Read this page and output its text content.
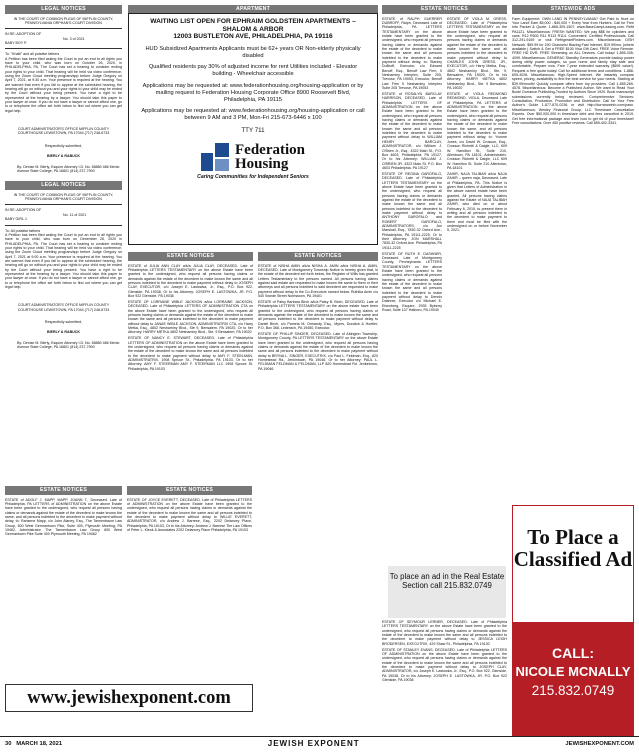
LEGAL NOTICES

IN THE COURT OF COMMON PLEAS OF MIFFLIN COUNTY, PENNSYLVANIA ORPHAN'S COURT DIVISION

IN RE: ADOPTION OF

No. 3 of 2021

BABY BOY P.

To: "Khalil" and all putative fathers

A Petition has been filed asking the Court to put an end to all rights you have to your child, who was born on October 26, 2020, in PHILADELPHIA, PA. The Court has set a hearing to consider ending your rights to your child. That hearing will be held via video conference, using the Zoom Cloud meeting program/app before Judge Gregory on April 7, 2021, at 9:30 a.m. Your presence is required at the hearing. You are warned that even if you fail to appear at the scheduled hearing, the hearing will go on without you and your rights to your child may be ended by the Court without your being present. You have a right to be represented at the hearing by a lawyer. You should take this paper to your lawyer at once. If you do not have a lawyer or cannot afford one, go to or telephone the office set forth below to find out where you can get legal help.

COURT ADMINISTRATOR'S OFFICE MIFFLIN COUNTY COURTHOUSE LEWISTOWN, PA 17044 (717) 248-6733

Respectfully submitted,

BIERLY & RABUCK

By: Denise M. Bierly, Esquire Attorney I.D. No. 58880 486 Menlo Avenue State College, PA 16801 (814) 237-7900

LEGAL NOTICES

IN THE COURT OF COMMON PLEAS OF MIFFLIN COUNTY, PENNSYLVANIA ORPHAN'S COURT DIVISION

IN RE: ADOPTION OF

No. 11 of 2021

BABY GIRL J.

To: All putative fathers

A Petition has been filed asking the Court to put an end to all rights you have to your child, who was born on December 26, 2020 in PHILADELPHIA, PA. The Court has set a hearing to consider ending your rights to your child. That hearing will be held via video conference, using the Zoom Cloud meeting program/app before Judge Gregory on April 7, 2021 at 9:00 a.m. Your presence is required at the hearing. You are warned that even if you fail to appear at the scheduled hearing, the hearing will go on without you and your rights to your child may be ended by the Court without your being present. You have a right to be represented at the hearing by a lawyer. You should take this paper to your lawyer at once. If you do not have a lawyer or cannot afford one, go to or telephone the office set forth below to find out where you can get legal help.

COURT ADMINISTRATOR'S OFFICE MIFFLIN COUNTY COURTHOUSE LEWISTOWN, PA 17044 (717) 248-6733

Respectfully submitted,

BIERLY & RABUCK

By: Denise M. Bierly, Esquire Attorney I.D. No. 58880 486 Menlo Avenue State College, PA 16801 (814) 237-7900

APARTMENT
WAITING LIST OPEN FOR EPHRAIM GOLDSTEIN APARTMENTS – SHALOM & ARBOR
12003 BUSTLETON AVE, PHILADELPHIA, PA 19116

HUD Subsidized Apartments Applicants must be 62+ years OR Non-elderly physically disabled

Qualified residents pay 30% of adjusted income for rent Utilities included - Elevator building - Wheelchair accessible

Applications may be requested at: www.federationhousing.org/housing-application or by mailing request to Federation Housing Corporate Office 8900 Roosevelt Blvd, Philadelphia, PA 19115

Applications may be requested at: www.federationhousing.org/housing-application or call between 9 AM and 3 PM, Mon-Fri 215-673-6446 x 100

TTY 711

Federation
Housing

Caring Communities for Independent Seniors

ESTATE NOTICES

ESTATE of ADOLF J. MAPP, MAPP, JOANN T., Deceased. Late of Philadelphia, PA LETTERS of ADMINISTRATION on the above Estate have been granted to the undersigned, who request all persons having claims or demands against the estate of the decedent to make known the same, and all persons indebted to the decedent to make payment without delay, to: Rahsene Mapp, c/o John Alaney, Esq., The Tannenbaum Law Group, 600 West Germantown Pike, Suite 400, Plymouth Meeting, PA 19462, Administrator. The Tannenbaum Law Group 600 West Germantown Pike Suite 400 Plymouth Meeting, PA 19462

ESTATE NOTICES

ESTATE OF JOYCE EVERETT, DECEASED. Late of Philadelphia LETTERS of ADMINISTRATION on the above Estate have been granted to the undersigned, who request all persons having claims or demands against the estate of the decedent to make known the same and all persons indebted to the decedent to make payment without delay to WILLIE EVERETT, ADMINISTRATOR, c/o Andrew J. Barrese, Esq., 2202 Delancey Place, Philadelphia, PA 19103, Or to his Attorney: Andrew J. Barrese The Law Offices of Peter L. Klenk & Associates 2202 Delancey Place Philadelphia, PA 19103

ESTATE NOTICES

ESTATE of JULIA ANN CLAY a/k/a JULIA CLAY, DECEASED. Late of Philadelphia LETTERS TESTAMENTARY on the above Estate have been granted to the undersigned, who request all persons having claims or demands against the estate of the decedent to make known the same and all persons indebted to the decedent to make payment without delay to JOSEPH CLAY, EXECUTOR, c/o Joseph E. Lastowka, Jr., Esq., P.O. Box 922, Glenside, PA 19038, Or to his Attorney: JOSEPH E. LASTOWKA, JR. P.O. Box 922 Glenside, PA 19038

ESTATE OF LORRAINE WIBLE JACKSON a/k/a LORRAINE JACKSON, DECEASED. Late of Philadelphia LETTERS OF ADMINISTRATION CTA on the above Estate have been granted to the undersigned, who request all persons having claims or demands against the estate of the decedent to make known the same and all persons indebted to the decedent to make payment without delay to JANAE WIBLE JACKSON, ADMINISTRATRIX CTA, c/o Harry Metka, Esq., 4802 Neshaminy Blvd., Ste 9, Bensalem, PA 19020, Or to her Attorney: HARRY METKA 4802 Neshaminy Blvd., Ste. 9 Bensalem, PA 19020

ESTATE OF NANCY E. STEWART, DECEASED. Late of Philadelphia LETTERS OF ADMINISTRATION on the above Estate have been granted to the undersigned, who request all persons having claims or demands against the estate of the decedent to make known the same and all persons indebted to the decedent to make payment without delay to AMY F. STEIN-MAN, ADMINISTRATRIX, 1908 Spruce St., Philadelphia, PA 19103, Or to her Attorney: AMY F. STEERMAN AMY F. STEERMAN LLC 1908 Spruce St. Philadelphia, PA 19103

ESTATE NOTICES

ESTATE of NISHA AMIN a/k/a NISHA A. AMIN a/k/a NISHA A. AMIN, DECEASED. Late of Montgomery Township Notice is hereby given that, in the estate of the decedent set forth below, the Register of Wills has granted Letters Testamentary to the persons named. All persons having claims against said estate are requested to make known the same to them or their attorneys and all persons indebted to said decedent are requested to make payment without delay to the Co-Executors named below. Ruthika Amin c/o 540 Swede Street Norristown, PA 19401

ESTATE of Patsy Barbara Birch a/k/a Patsy B. Birch, DECEASED. Late of Philadelphia LETTERS TESTAMENTARY on the above estate have been granted to the undersigned, who request all persons having claims or demands against the estate of the decedent to make known the same and all persons indebted to the decedent to make payment without delay to Daniel Birch, c/o Pamela M. Ormandy, Esq., Myers, Dundick & Hoefler, P.O. Box 368, Lederach, PA 19450, Executor.

ESTATE OF PHILLIP SINGER, DECEASED. Late of Abington Township, Montgomery County, PA LETTERS TESTAMENTARY on the above Estate have been granted to the undersigned, who request all persons having claims or demands against the estate of the decedent to make known the same and all persons indebted to the decedent to make payment without delay to BRYNA L. SINGER, EXECUTRIX, c/o Paul L. Feldman, Esq., 820 Homestead Rd., Jenkintown, PA 19046, Or to her Attorney: PAUL L. FELDMAN FELDMAN & FELDMAN, LLP 820 Homestead Rd. Jenkintown, PA 19046

ESTATE NOTICES

ESTATE of RALPH GUERRER DUBROFF, Ralph, Deceased Late of Philadelphia, PA LETTERS TESTAMENTARY on the above estate have been granted to the undersigned, who request all persons having claims or demands against the estate of the decedent to make known the same and all persons indebted to the decedent to make payment without delay, to: Stanley DuBroff, Executor, c/o Edward Benoff, Esq., Benoff Law Firm, 5 Neshaminy Interplex, Suite 205, Trevose, PA 19053, Executor. Benoff Law Firm 5 Neshaminy Interplex Suite 205 Trevose, PA 19053

ESTATE of ROSALYN BARCLAY HARRISON, DECEASED. Late of Philadelphia LETTERS OF ADMINISTRATION on the above Estate have been granted to the undersigned, who request all persons having claims or demands against the estate of the decedent to make known the same and all persons indebted to the decedent to make payment without delay to WILLIAM HENRY BARCLAY, ADMINISTRATOR, c/o William J. O'Brien Jr., Esq., 4322 Main St., P.O. Box 4603, Philadelphia, PA 19127, Or to his Attorney: WILLIAM J. O'BRIEN JR. 4322 Main St. P.O. Box 4603 Philadelphia, PA 19127

ESTATE OF REGINA GAROFALO, DECEASED. Late of Philadelphia LETTERS TESTAMENTARY on the above Estate have been granted to the undersigned, who request all persons having claims or demands against the estate of the decedent to make known the same and all persons indebted to the decedent to make payment without delay to ANTHONY GAROFALO and ROBERT GAROFALO, ADMINISTRATORS, c/o Jon Marshall, Esq., 7830-32 Oxford Ave., Philadelphia, PA 19111-2225, Or to their Attorney: JON MARSHALL 7830-32 Oxford Ave. Philadelphia, PA 19111-2225

ESTATE OF RUTH E. DASHNER, Deceased. Late of Montgomery County, Pennsylvania LETTERS TESTAMENTARY on the above Estate have been granted to the undersigned, who request all persons having claims or demands against the estate of the decedent to make known the same and all persons indebted to the decedent to make payment without delay to Dennis Dashner, Executor c/o Michael E. Eisenberg, Esquire, 2935 Byberry Road, Suite 107 Hatboro, PA 19040

ESTATE OF VIOLA M. GRESS, DECEASED. Late of Philadelphia LETTERS TESTAMENTARY on the above Estate have been granted to the undersigned, who request all persons having claims or demands against the estate of the decedent to make known the same and all persons indebted to the decedent to make payment without delay to CHARLES JOHN GRESS, JR., EXECUTOR, c/o Harry Metka, Esq., 4802 Neshaminy Blvd., Ste. 9, Bensalem, PA 19020, Or to his Attorney: HARRY METKA 4802 Neshaminy Blvd., Ste. 9 Bensalem, PA 19020

ESTATE of VIOLA REDMOND REDMOND, VIOLA, Deceased Late of Philadelphia, PA LETTERS of ADMINISTRATION on the above Estate have been granted to the undersigned, who request all persons having claims or demands against the estate of the decedent to make known the same, and all persons indebted to the decedent to make payment without delay, to: Yvonne Jones, c/o David W. Crosson, Esq., Crosson Richetti & Daigle, LLC, 609 W. Hamilton St., Suite 210, Allentown, PA 18101, Administratrix. Crosson Richetti & Daigle, LLC 609 W. Hamilton St. Suite 210 Allentown, PA 18101

ZAHIR, NAJA TALIBAH a/k/a NAJA ZAHIR – queen naja, Deceased. Late of Philadelphia, PA. This Notice is given that Letters of Administration in the above named estate have been granted. All persons having claims against the Estate of NAJA TALIBAH ZAHIR, who died on or about February 6, 2019, to present them in writing and all persons indebted to the decedent to make payment to them and must be filed with the undersigned on or before November 5, 2021.

ESTATE OF SEYMOUR LERNER, DECEASED. Late of Philadelphia LETTERS TESTAMENTARY on the above Estate have been granted to the undersigned, who request all persons having claims or demands against the estate of the decedent to make known the same and all persons indebted to the decedent to make payment without delay to JESSICA LEIGH BRODERSEN, EXECUTRIX, 429 Shaw St., Philadelphia, PA 19130

ESTATE OF STANLEY EVANS, DECEASED. Late of Philadelphia LETTERS OF ADMINISTRATION on the above Estate have been granted to the undersigned, who request all persons having claims or demands against the estate of the decedent to make known the same and all persons indebted to the decedent to make payment without delay to JOSEPH CLAY, ADMINISTRATOR, c/o Joseph E. Lastowka, Jr., Esq., P.O. Box 922, Glenside, PA 19038, Or to his Attorney: JOSEPH E. LASTOWKA, JR. P.O. Box 922 Glenside, PA 19038

To place an ad in the Real Estate Section call 215.832.0749
STATEWIDE ADS

Farm Equipment: OWN LAND IN PENNSYLVANIA? Get Paid to Hunt on Your Land! Earn $5,000 - $40,000 + Every Year from Hunters. Call for Free Info Packet & Quote. 1-866-309-1507. www.BaseCampLeasing.com. Ref# PA1121. Miscellaneous: FRESH WANTED: We pay $$$ for cylinders and cans. R12 R500 R11 R113 R114. Convenient. Certified Professionals. Call 312-291-9169 or visit RefrigerantFinders.com. Miscellaneous: DISH Network. $59.99 for 190 Channels! Blazing Fast Internet, $19.99/mo. (where available.) Switch & Get a FREE $100 Visa Gift Card. FREE Voice Remote. FREE HD DVR. FREE Streaming on ALL Devices. Call today! 1-855-335-4099. Miscellaneous: GENERAC Standby Generators provide backup power during utility power outages, so your home and family stay safe and comfortable. Prepare now. Free 7-year extended warranty ($695 value!). Request a free quote today! Call for additional terms and conditions. 1-888-605-4028. Miscellaneous: High-Speed Internet. We instantly compare speed, pricing, availability to find the best service for your needs. Starting at $39.99/month! Quickly compare offers from top providers. Call 1-855-269-4578. Miscellaneous: Become a Published Author. We want to Read Your Book! Dorrance Publishing-Trusted by Authors Since 1920. Book manuscript submissions currently being reviewed. Comprehensive Services: Consultation, Production, Promotion and Distribution. Call for Your Free Author's Guide 1-877-670-0236 or visit http://dorranceinfo.com/pasn. Miscellaneous: Wesley Financial Group, LLC Timeshare Cancellation Experts. Over $50,000,000 in timeshare debt and fees cancelled in 2019. Get free informational package and learn how to get rid of your timeshare! Free consultations. Over 450 positive reviews. Call 855-402-3341.

To Place a Classified Ad
CALL:
NICOLE MCNALLY
215.832.0749
www.jewishexponent.com
30 MARCH 18, 2021	JEWISH EXPONENT	JEWISHEXPONENT.COM
